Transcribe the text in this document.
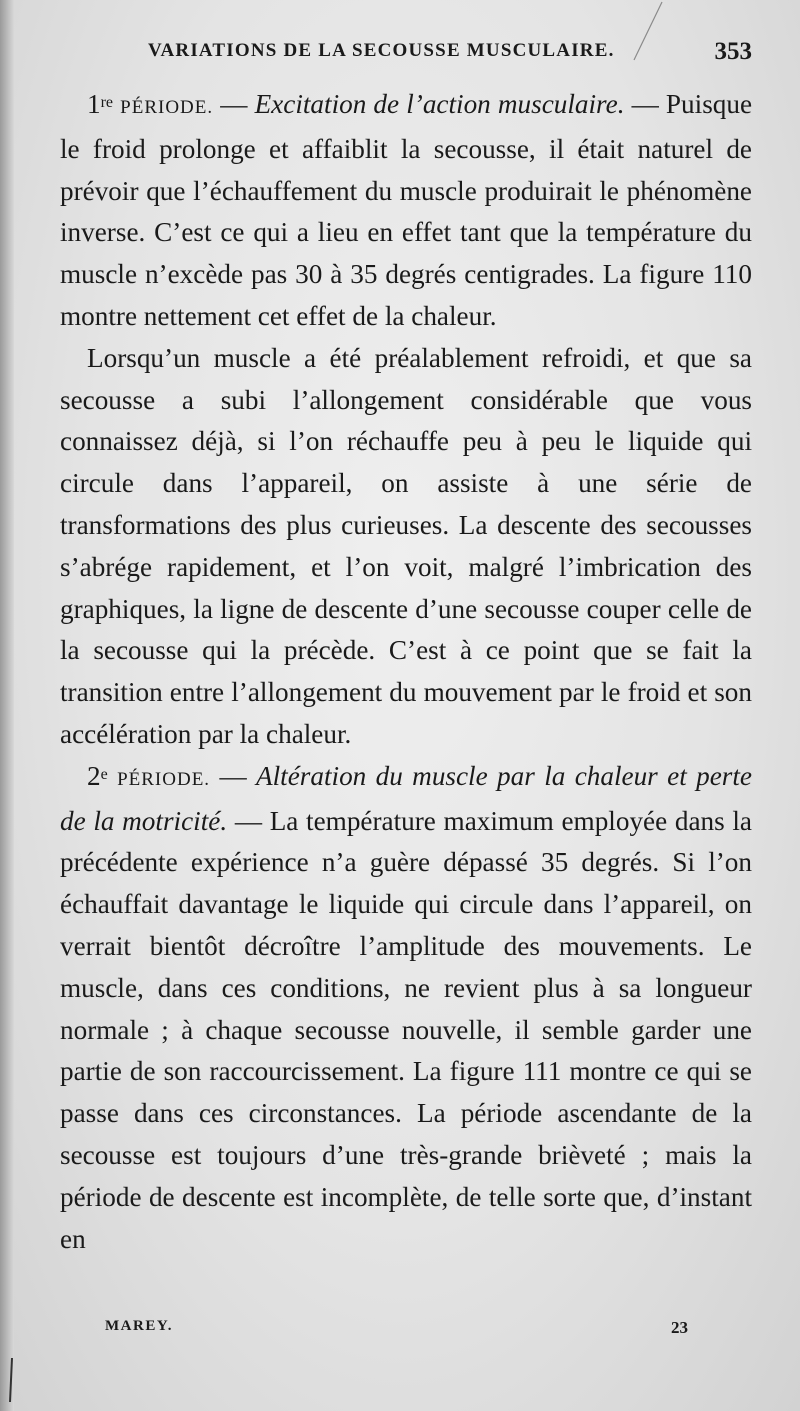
VARIATIONS DE LA SECOUSSE MUSCULAIRE.	353

1re PÉRIODE. — Excitation de l’action musculaire. — Puisque le froid prolonge et affaiblit la secousse, il était naturel de prévoir que l’échauffement du muscle produirait le phénomène inverse. C’est ce qui a lieu en effet tant que la température du muscle n’excède pas 30 à 35 degrés centigrades. La figure 110 montre nettement cet effet de la chaleur.

Lorsqu’un muscle a été préalablement refroidi, et que sa secousse a subi l’allongement considérable que vous connaissez déjà, si l’on réchauffe peu à peu le liquide qui circule dans l’appareil, on assiste à une série de transformations des plus curieuses. La descente des secousses s’abrége rapidement, et l’on voit, malgré l’imbrication des graphiques, la ligne de descente d’une secousse couper celle de la secousse qui la précède. C’est à ce point que se fait la transition entre l’allongement du mouvement par le froid et son accélération par la chaleur.

2e PÉRIODE. — Altération du muscle par la chaleur et perte de la motricité. — La température maximum employée dans la précédente expérience n’a guère dépassé 35 degrés. Si l’on échauffait davantage le liquide qui circule dans l’appareil, on verrait bientôt décroître l’amplitude des mouvements. Le muscle, dans ces conditions, ne revient plus à sa longueur normale ; à chaque secousse nouvelle, il semble garder une partie de son raccourcissement. La figure 111 montre ce qui se passe dans ces circonstances. La période ascendante de la secousse est toujours d’une très-grande brièveté ; mais la période de descente est incomplète, de telle sorte que, d’instant en

MAREY.	23
